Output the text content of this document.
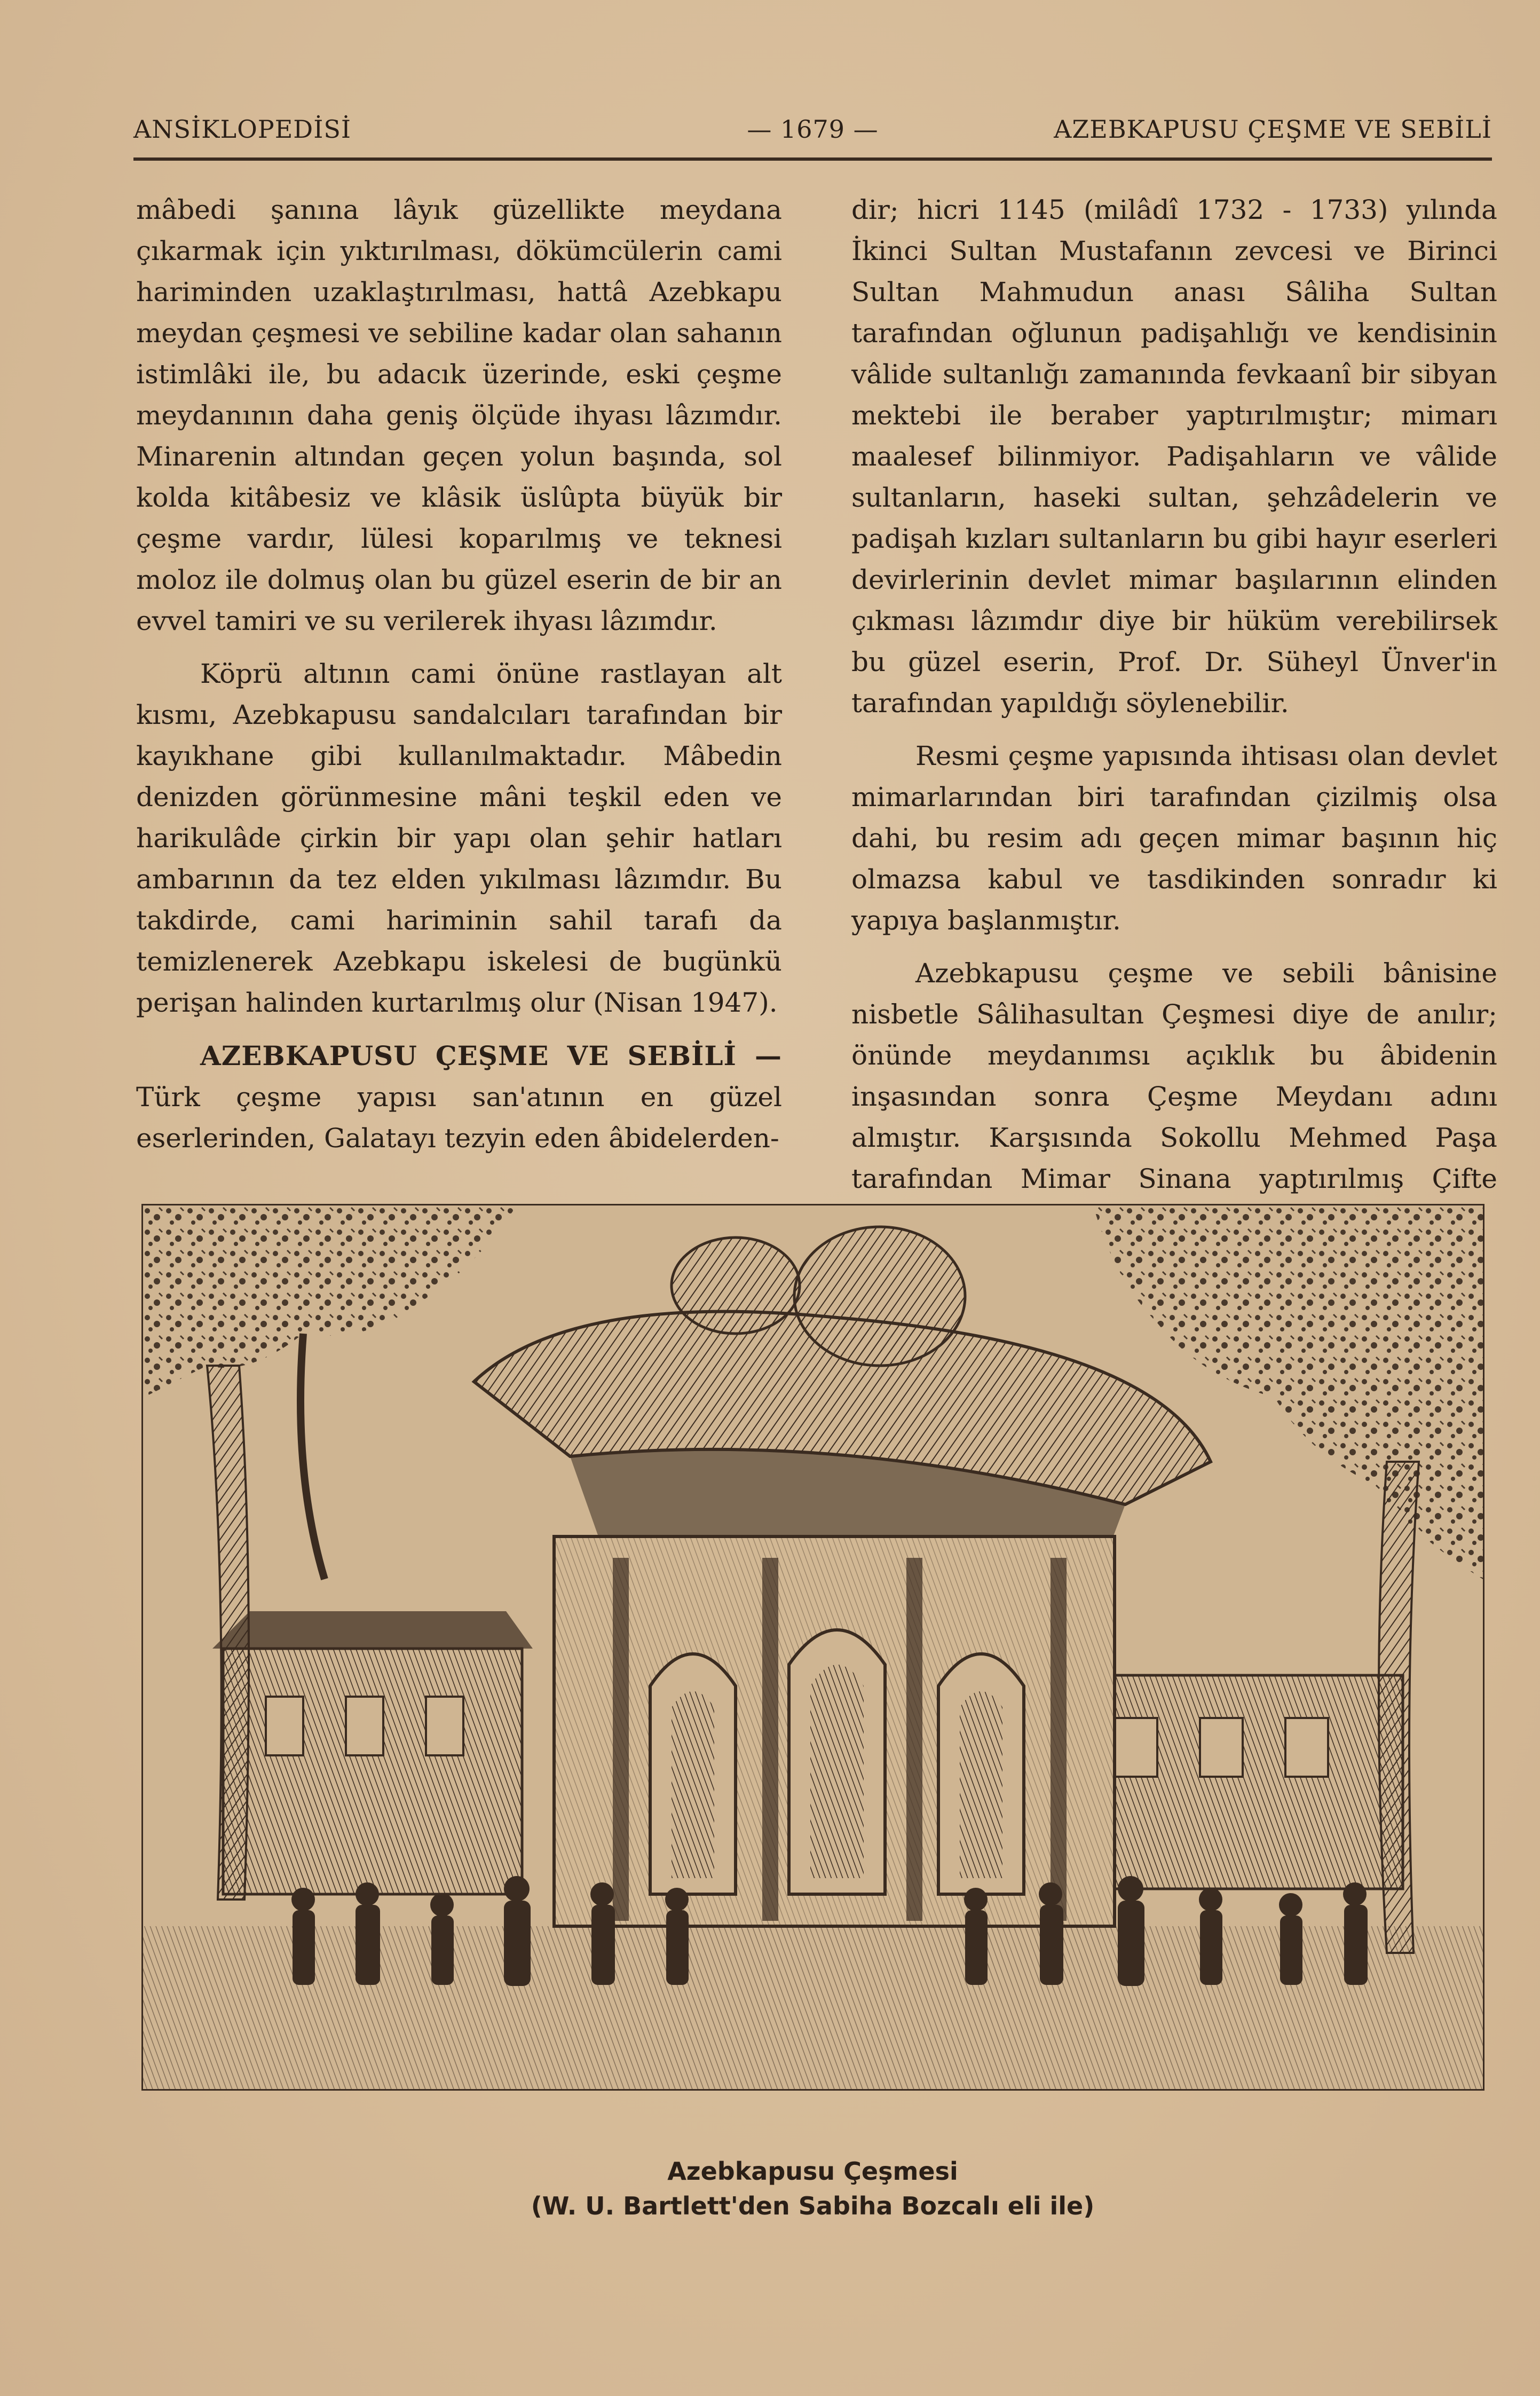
ANSİKLOPEDİSİ	— 1679 —	AZEBKAPUSU ÇEŞME VE SEBİLİ

mâbedi şanına lâyık güzellikte meydana çıkarmak için yıktırılması, dökümcülerin cami hariminden uzaklaştırılması, hattâ Azebkapu meydan çeşmesi ve sebiline kadar olan sahanın istimlâki ile, bu adacık üzerinde, eski çeşme meydanının daha geniş ölçüde ihyası lâzımdır. Minarenin altından geçen yolun başında, sol kolda kitâbesiz ve klâsik üslûpta büyük bir çeşme vardır, lülesi koparılmış ve teknesi moloz ile dolmuş olan bu güzel eserin de bir an evvel tamiri ve su verilerek ihyası lâzımdır.

Köprü altının cami önüne rastlayan alt kısmı, Azebkapusu sandalcıları tarafından bir kayıkhane gibi kullanılmaktadır. Mâbedin denizden görünmesine mâni teşkil eden ve harikulâde çirkin bir yapı olan şehir hatları ambarının da tez elden yıkılması lâzımdır. Bu takdirde, cami hariminin sahil tarafı da temizlenerek Azebkapu iskelesi de bugünkü perişan halinden kurtarılmış olur (Nisan 1947).

AZEBKAPUSU ÇEŞME VE SEBİLİ — Türk çeşme yapısı san'atının en güzel eserlerinden, Galatayı tezyin eden âbidelerden-

dir; hicri 1145 (milâdî 1732 - 1733) yılında İkinci Sultan Mustafanın zevcesi ve Birinci Sultan Mahmudun anası Sâliha Sultan tarafından oğlunun padişahlığı ve kendisinin vâlide sultanlığı zamanında fevkaanî bir sibyan mektebi ile beraber yaptırılmıştır; mimarı maalesef bilinmiyor. Padişahların ve vâlide sultanların, haseki sultan, şehzâdelerin ve padişah kızları sultanların bu gibi hayır eserleri devirlerinin devlet mimar başılarının elinden çıkması lâzımdır diye bir hüküm verebilirsek bu güzel eserin, Prof. Dr. Süheyl Ünver'in tarafından yapıldığı söylenebilir.

Resmi çeşme yapısında ihtisası olan devlet mimarlarından biri tarafından çizilmiş olsa dahi, bu resim adı geçen mimar başının hiç olmazsa kabul ve tasdikinden sonradır ki yapıya başlanmıştır.

Azebkapusu çeşme ve sebili bânisine nisbetle Sâlihasultan Çeşmesi diye de anılır; önünde meydanımsı açıklık bu âbidenin inşasından sonra Çeşme Meydanı adını almıştır. Karşısında Sokollu Mehmed Paşa tarafından Mimar Sinana yaptırılmış Çifte

Azebkapusu Çeşmesi
(W. U. Bartlett'den Sabiha Bozcalı eli ile)
